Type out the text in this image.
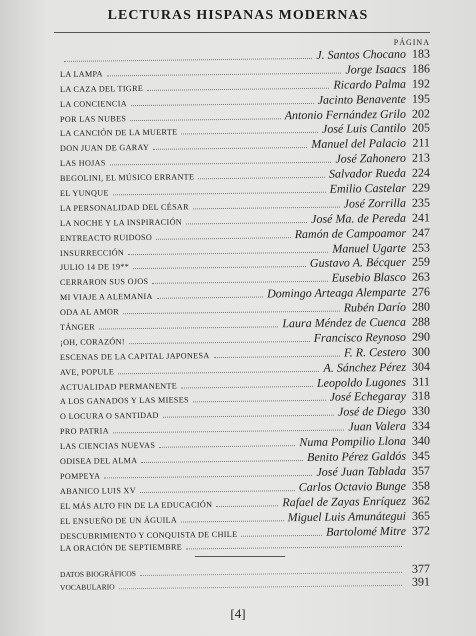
LECTURAS HISPANAS MODERNAS
PÁGINA
J. Santos Chocano 183
LA LAMPA	Jorge Isaacs 186
LA CAZA DEL TIGRE	Ricardo Palma 192
LA CONCIENCIA	Jacinto Benavente 195
POR LAS NUBES	Antonio Fernández Grilo 202
LA CANCIÓN DE LA MUERTE	José Luis Cantilo 205
DON JUAN DE GARAY	Manuel del Palacio 211
LAS HOJAS	José Zahonero 213
BEGOLINI, EL MÚSICO ERRANTE	Salvador Rueda 224
EL YUNQUE	Emilio Castelar 229
LA PERSONALIDAD DEL CÉSAR	José Zorrilla 235
LA NOCHE Y LA INSPIRACIÓN	José Ma. de Pereda 241
ENTREACTO RUIDOSO	Ramón de Campoamor 247
INSURRECCIÓN	Manuel Ugarte 253
JULIO 14 DE 19**	Gustavo A. Bécquer 259
CERRARON SUS OJOS	Eusebio Blasco 263
MI VIAJE A ALEMANIA	Domingo Arteaga Alemparte 276
ODA AL AMOR	Rubén Darío 280
TÁNGER	Laura Méndez de Cuenca 288
¡OH, CORAZÓN!	Francisco Reynoso 290
ESCENAS DE LA CAPITAL JAPONESA	F. R. Cestero 300
AVE, POPULE	A. Sánchez Pérez 304
ACTUALIDAD PERMANENTE	Leopoldo Lugones 311
A LOS GANADOS Y LAS MIESES	José Echegaray 318
O LOCURA O SANTIDAD	José de Diego 330
PRO PATRIA	Juan Valera 334
LAS CIENCIAS NUEVAS	Numa Pompilio Llona 340
ODISEA DEL ALMA	Benito Pérez Galdós 345
POMPEYA	José Juan Tablada 357
ABANICO LUIS XV	Carlos Octavio Bunge 358
EL MÁS ALTO FIN DE LA EDUCACIÓN	Rafael de Zayas Enríquez 362
EL ENSUEÑO DE UN ÁGUILA	Miguel Luis Amunátegui 365
DESCUBRIMIENTO Y CONQUISTA DE CHILE	Bartolomé Mitre 372
LA ORACIÓN DE SEPTIEMBRE
DATOS BIOGRÁFICOS	377
VOCABULARIO	391
[4]
